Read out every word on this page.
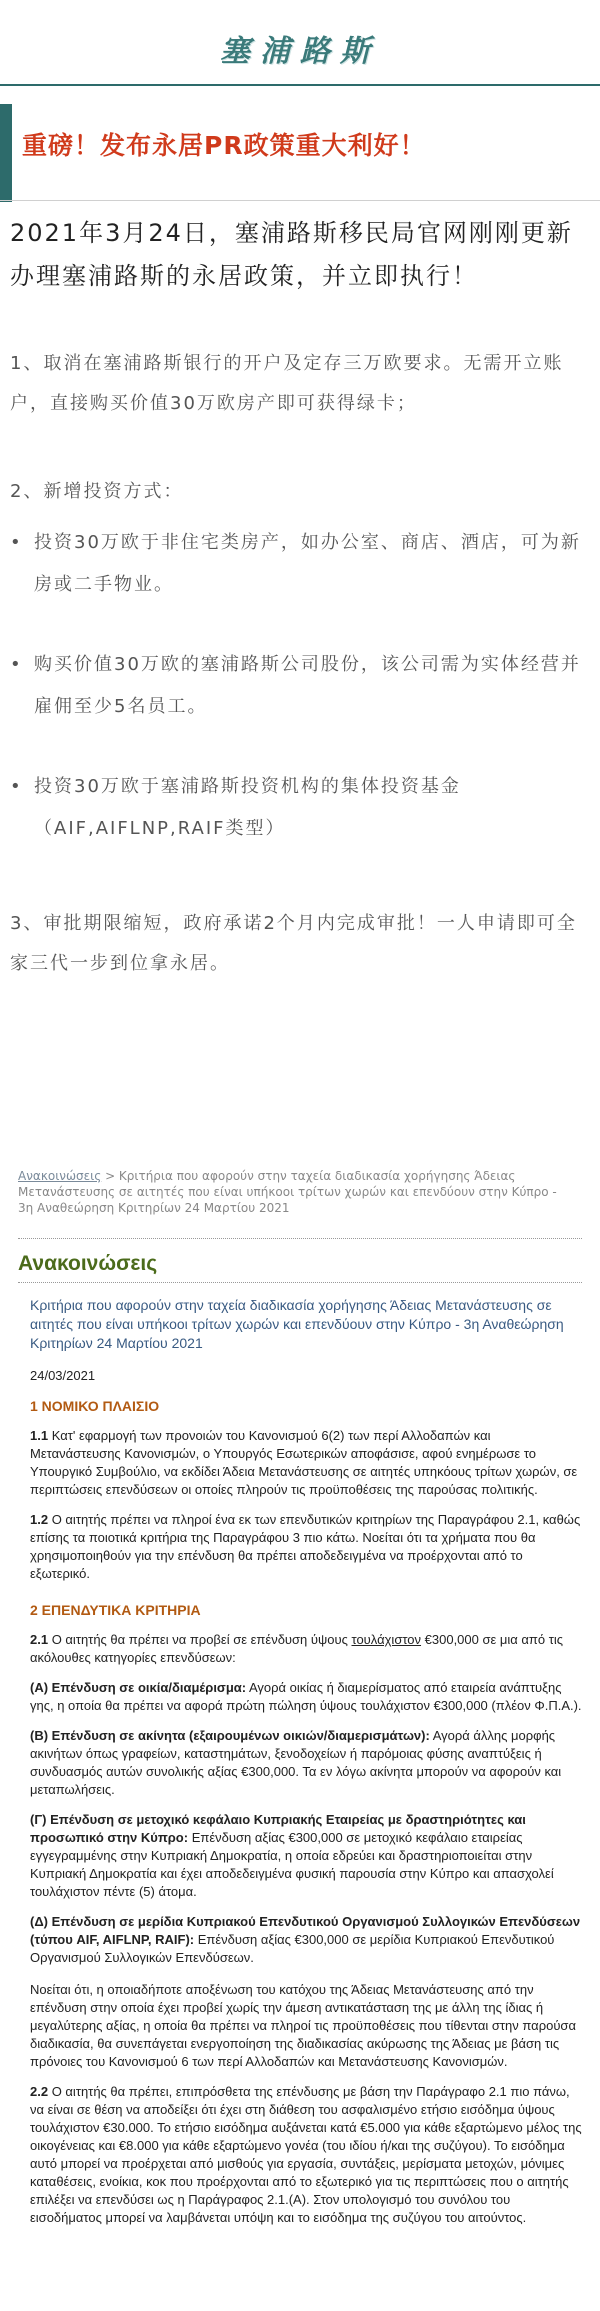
塞浦路斯
重磅！发布永居PR政策重大利好！
2021年3月24日，塞浦路斯移民局官网刚刚更新办理塞浦路斯的永居政策，并立即执行！
1、取消在塞浦路斯银行的开户及定存三万欧要求。无需开立账户，直接购买价值30万欧房产即可获得绿卡；
2、新增投资方式：
• 投资30万欧于非住宅类房产，如办公室、商店、酒店，可为新房或二手物业。
• 购买价值30万欧的塞浦路斯公司股份，该公司需为实体经营并雇佣至少5名员工。
• 投资30万欧于塞浦路斯投资机构的集体投资基金（AIF,AIFLNP,RAIF类型）
3、审批期限缩短，政府承诺2个月内完成审批！一人申请即可全家三代一步到位拿永居。
Ανακοινώσεις > Κριτήρια που αφορούν στην ταχεία διαδικασία χορήγησης Άδειας Μετανάστευσης σε αιτητές που είναι υπήκοοι τρίτων χωρών και επενδύουν στην Κύπρο - 3η Αναθεώρηση Κριτηρίων 24 Μαρτίου 2021
Ανακοινώσεις

Κριτήρια που αφορούν στην ταχεία διαδικασία χορήγησης Άδειας Μετανάστευσης σε αιτητές που είναι υπήκοοι τρίτων χωρών και επενδύουν στην Κύπρο - 3η Αναθεώρηση Κριτηρίων 24 Μαρτίου 2021

24/03/2021

1 ΝΟΜΙΚΟ ΠΛΑΙΣΙΟ

1.1 Κατ' εφαρμογή των προνοιών του Κανονισμού 6(2) των περί Αλλοδαπών και Μετανάστευσης Κανονισμών, ο Υπουργός Εσωτερικών αποφάσισε, αφού ενημέρωσε το Υπουργικό Συμβούλιο, να εκδίδει Άδεια Μετανάστευσης σε αιτητές υπηκόους τρίτων χωρών, σε περιπτώσεις επενδύσεων οι οποίες πληρούν τις προϋποθέσεις της παρούσας πολιτικής.

1.2 Ο αιτητής πρέπει να πληροί ένα εκ των επενδυτικών κριτηρίων της Παραγράφου 2.1, καθώς επίσης τα ποιοτικά κριτήρια της Παραγράφου 3 πιο κάτω. Νοείται ότι τα χρήματα που θα χρησιμοποιηθούν για την επένδυση θα πρέπει αποδεδειγμένα να προέρχονται από το εξωτερικό.

2 ΕΠΕΝΔΥΤΙΚΑ ΚΡΙΤΗΡΙΑ

2.1 Ο αιτητής θα πρέπει να προβεί σε επένδυση ύψους τουλάχιστον €300,000 σε μια από τις ακόλουθες κατηγορίες επενδύσεων:

(Α) Επένδυση σε οικία/διαμέρισμα: Αγορά οικίας ή διαμερίσματος από εταιρεία ανάπτυξης γης, η οποία θα πρέπει να αφορά πρώτη πώληση ύψους τουλάχιστον €300,000 (πλέον Φ.Π.Α.).

(Β) Επένδυση σε ακίνητα (εξαιρουμένων οικιών/διαμερισμάτων): Αγορά άλλης μορφής ακινήτων όπως γραφείων, καταστημάτων, ξενοδοχείων ή παρόμοιας φύσης αναπτύξεις ή συνδυασμός αυτών συνολικής αξίας €300,000. Τα εν λόγω ακίνητα μπορούν να αφορούν και μεταπωλήσεις.

(Γ) Επένδυση σε μετοχικό κεφάλαιο Κυπριακής Εταιρείας με δραστηριότητες και προσωπικό στην Κύπρο: Επένδυση αξίας €300,000 σε μετοχικό κεφάλαιο εταιρείας εγγεγραμμένης στην Κυπριακή Δημοκρατία, η οποία εδρεύει και δραστηριοποιείται στην Κυπριακή Δημοκρατία και έχει αποδεδειγμένα φυσική παρουσία στην Κύπρο και απασχολεί τουλάχιστον πέντε (5) άτομα.

(Δ) Επένδυση σε μερίδια Κυπριακού Επενδυτικού Οργανισμού Συλλογικών Επενδύσεων (τύπου AIF, AIFLNP, RAIF): Επένδυση αξίας €300,000 σε μερίδια Κυπριακού Επενδυτικού Οργανισμού Συλλογικών Επενδύσεων.

Νοείται ότι, η οποιαδήποτε αποξένωση του κατόχου της Άδειας Μετανάστευσης από την επένδυση στην οποία έχει προβεί χωρίς την άμεση αντικατάσταση της με άλλη της ίδιας ή μεγαλύτερης αξίας, η οποία θα πρέπει να πληροί τις προϋποθέσεις που τίθενται στην παρούσα διαδικασία, θα συνεπάγεται ενεργοποίηση της διαδικασίας ακύρωσης της Άδειας με βάση τις πρόνοιες του Κανονισμού 6 των περί Αλλοδαπών και Μετανάστευσης Κανονισμών.

2.2 Ο αιτητής θα πρέπει, επιπρόσθετα της επένδυσης με βάση την Παράγραφο 2.1 πιο πάνω, να είναι σε θέση να αποδείξει ότι έχει στη διάθεση του ασφαλισμένο ετήσιο εισόδημα ύψους τουλάχιστον €30.000. Το ετήσιο εισόδημα αυξάνεται κατά €5.000 για κάθε εξαρτώμενο μέλος της οικογένειας και €8.000 για κάθε εξαρτώμενο γονέα (του ιδίου ή/και της συζύγου). Το εισόδημα αυτό μπορεί να προέρχεται από μισθούς για εργασία, συντάξεις, μερίσματα μετοχών, μόνιμες καταθέσεις, ενοίκια, κοκ που προέρχονται από το εξωτερικό για τις περιπτώσεις που ο αιτητής επιλέξει να επενδύσει ως η Παράγραφος 2.1.(Α). Στον υπολογισμό του συνόλου του εισοδήματος μπορεί να λαμβάνεται υπόψη και το εισόδημα της συζύγου του αιτούντος.
